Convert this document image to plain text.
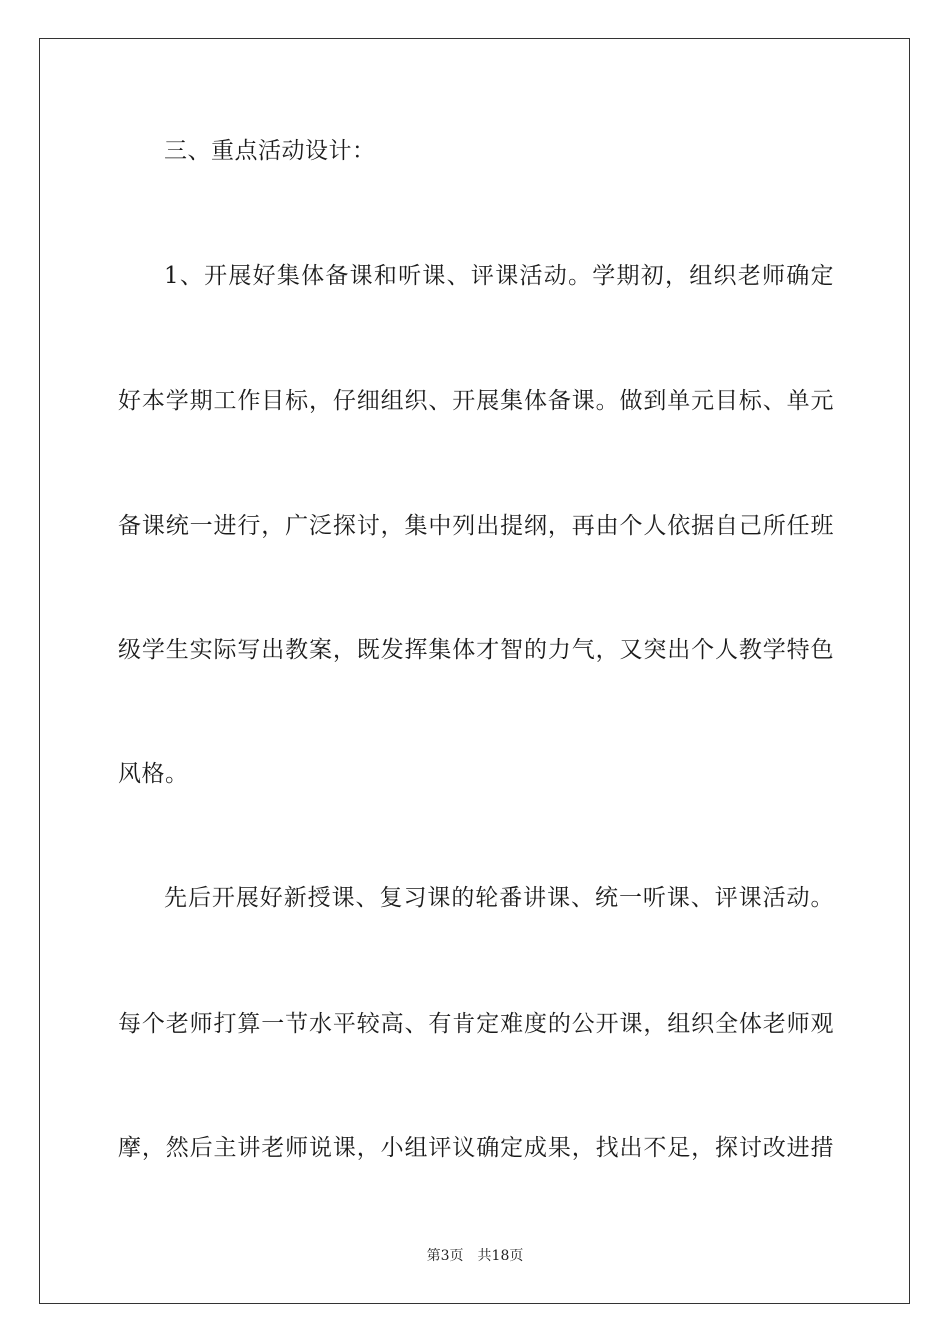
三、重点活动设计：
1、开展好集体备课和听课、评课活动。学期初，组织老师确定
好本学期工作目标，仔细组织、开展集体备课。做到单元目标、单元
备课统一进行，广泛探讨，集中列出提纲，再由个人依据自己所任班
级学生实际写出教案，既发挥集体才智的力气，又突出个人教学特色
风格。
先后开展好新授课、复习课的轮番讲课、统一听课、评课活动。
每个老师打算一节水平较高、有肯定难度的公开课，组织全体老师观
摩，然后主讲老师说课，小组评议确定成果，找出不足，探讨改进措
第3页 共18页
